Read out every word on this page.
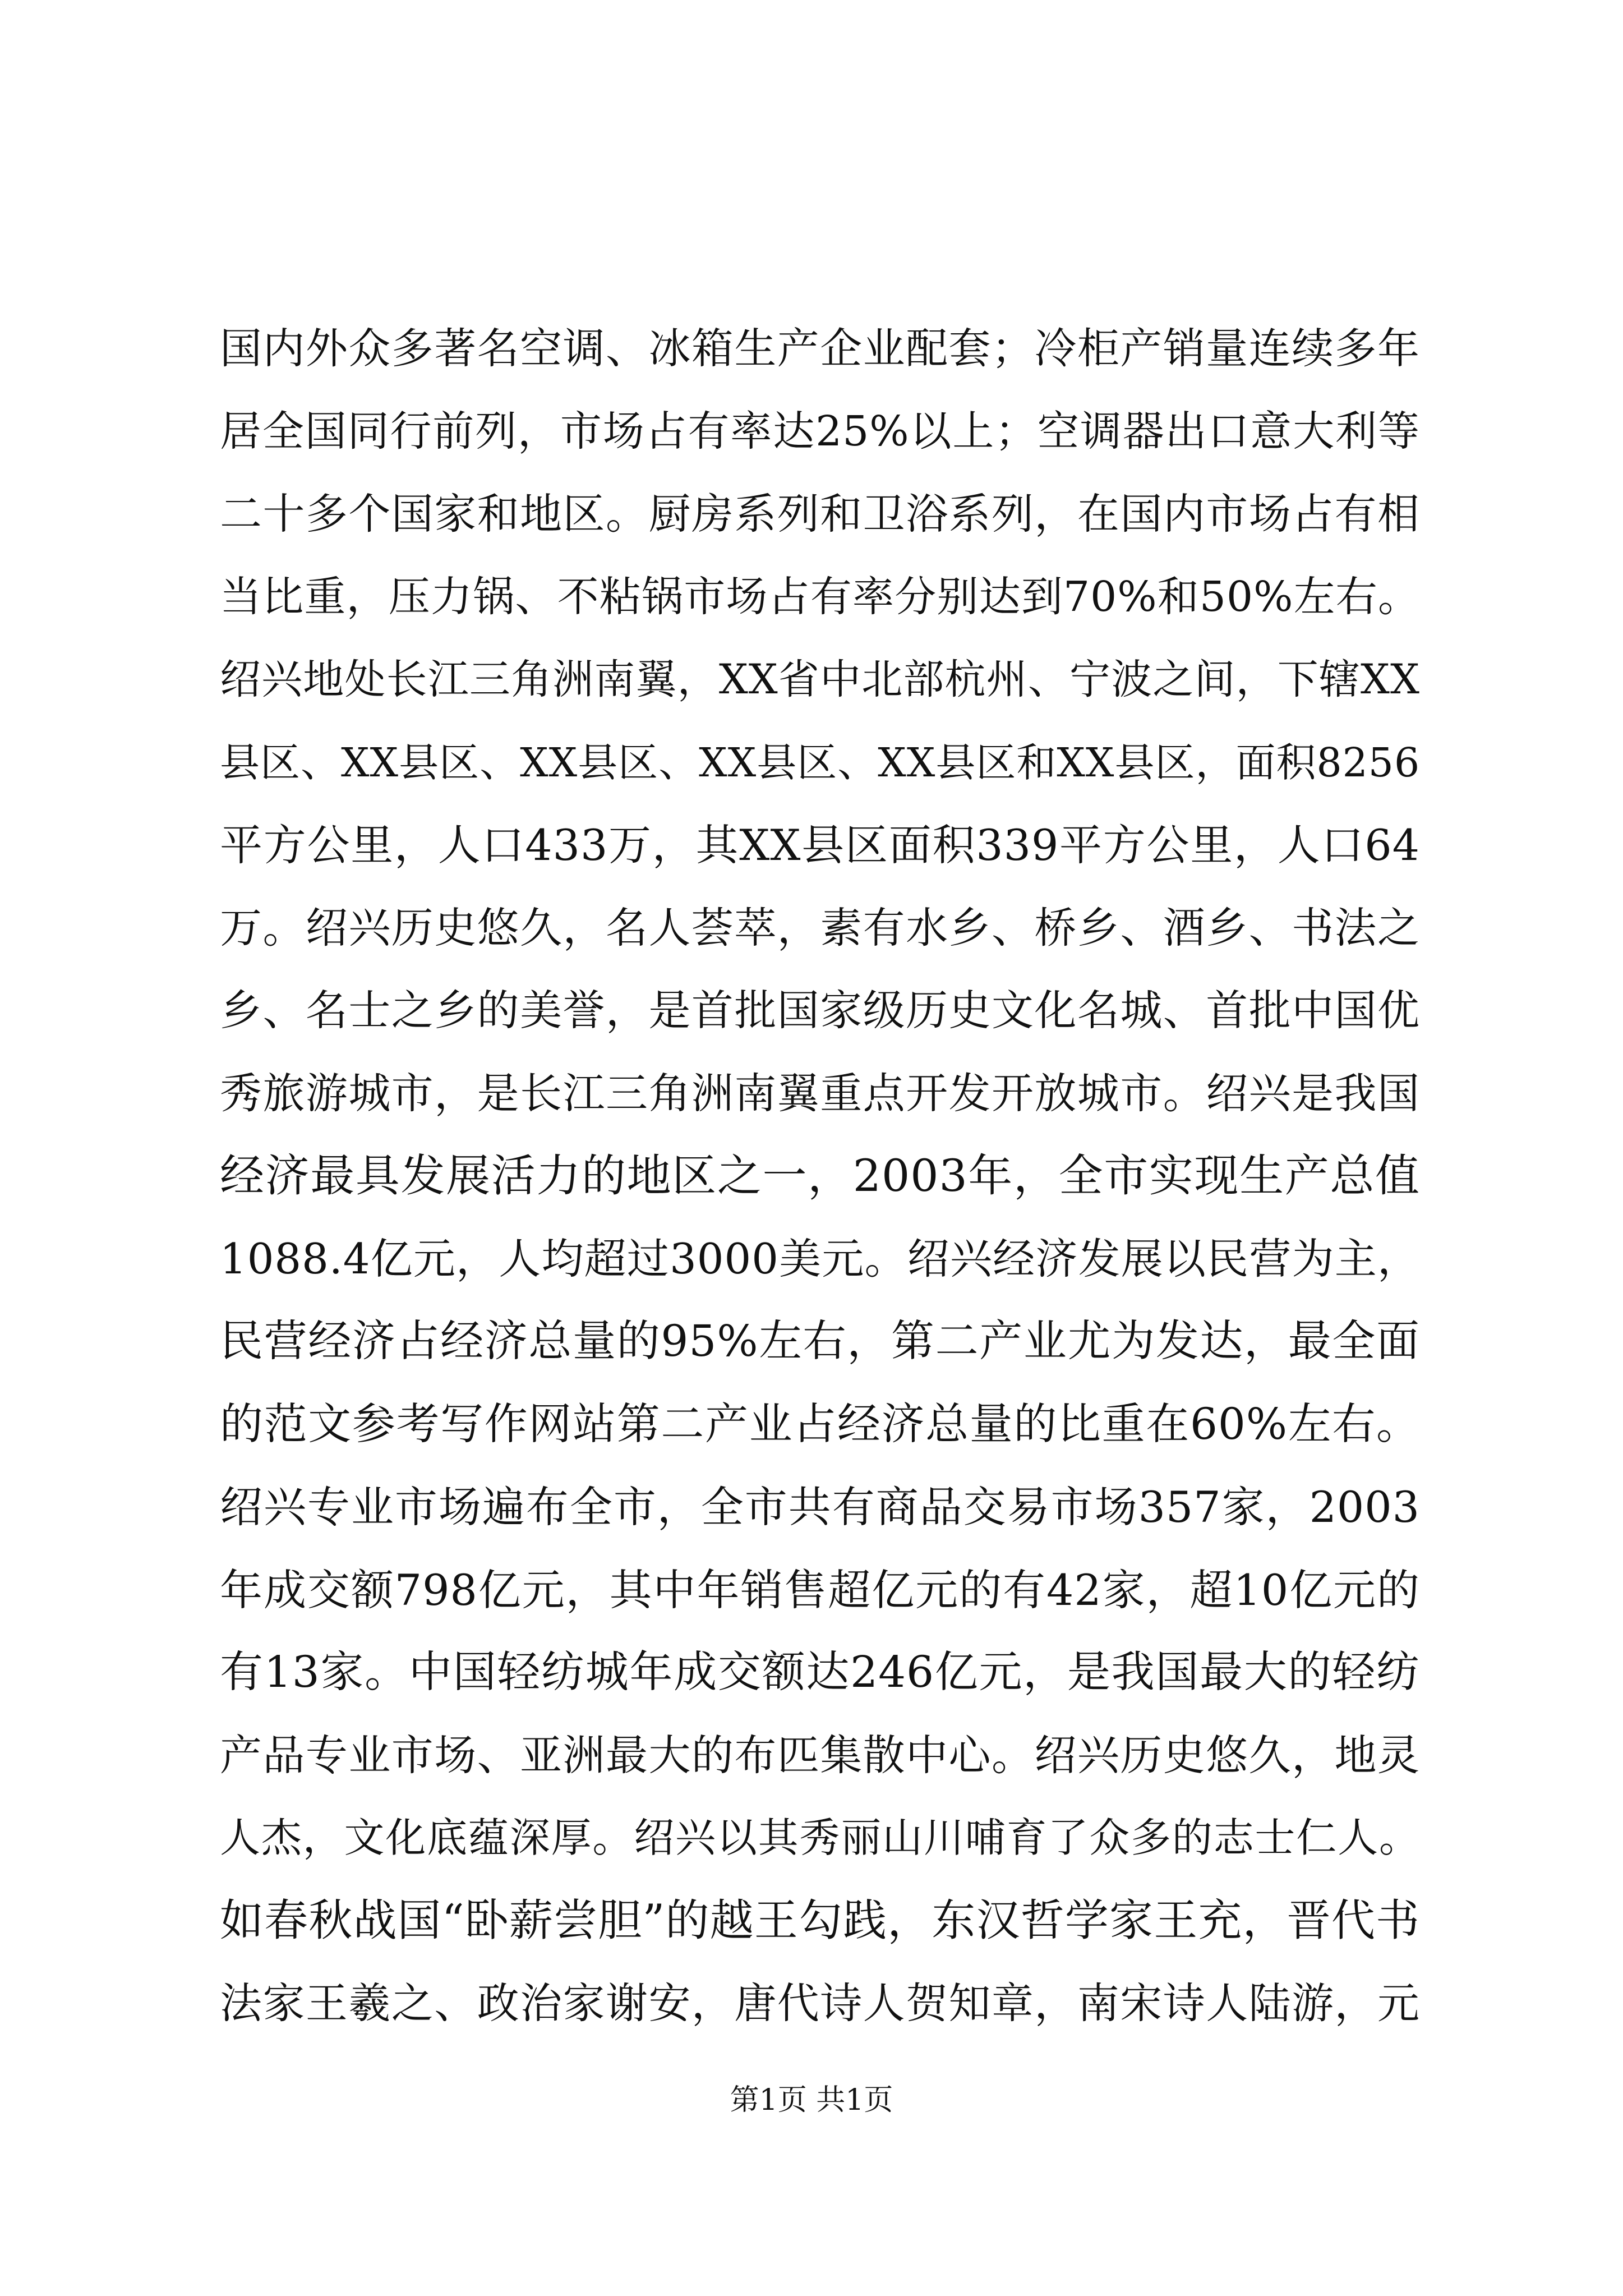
国内外众多著名空调、冰箱生产企业配套；冷柜产销量连续多年
居全国同行前列，市场占有率达25%以上；空调器出口意大利等
二十多个国家和地区。厨房系列和卫浴系列，在国内市场占有相
当比重，压力锅、不粘锅市场占有率分别达到70%和50%左右。
绍兴地处长江三角洲南翼，XX省中北部杭州、宁波之间，下辖XX
县区、XX县区、XX县区、XX县区、XX县区和XX县区，面积8256
平方公里，人口433万，其XX县区面积339平方公里，人口64
万。绍兴历史悠久，名人荟萃，素有水乡、桥乡、酒乡、书法之
乡、名士之乡的美誉，是首批国家级历史文化名城、首批中国优
秀旅游城市，是长江三角洲南翼重点开发开放城市。绍兴是我国
经济最具发展活力的地区之一，2003年，全市实现生产总值
1088.4亿元，人均超过3000美元。绍兴经济发展以民营为主，
民营经济占经济总量的95%左右，第二产业尤为发达，最全面
的范文参考写作网站第二产业占经济总量的比重在60%左右。
绍兴专业市场遍布全市，全市共有商品交易市场357家，2003
年成交额798亿元，其中年销售超亿元的有42家，超10亿元的
有13家。中国轻纺城年成交额达246亿元，是我国最大的轻纺
产品专业市场、亚洲最大的布匹集散中心。绍兴历史悠久，地灵
人杰，文化底蕴深厚。绍兴以其秀丽山川哺育了众多的志士仁人。
如春秋战国“卧薪尝胆”的越王勾践，东汉哲学家王充，晋代书
法家王羲之、政治家谢安，唐代诗人贺知章，南宋诗人陆游，元
第1页 共1页
